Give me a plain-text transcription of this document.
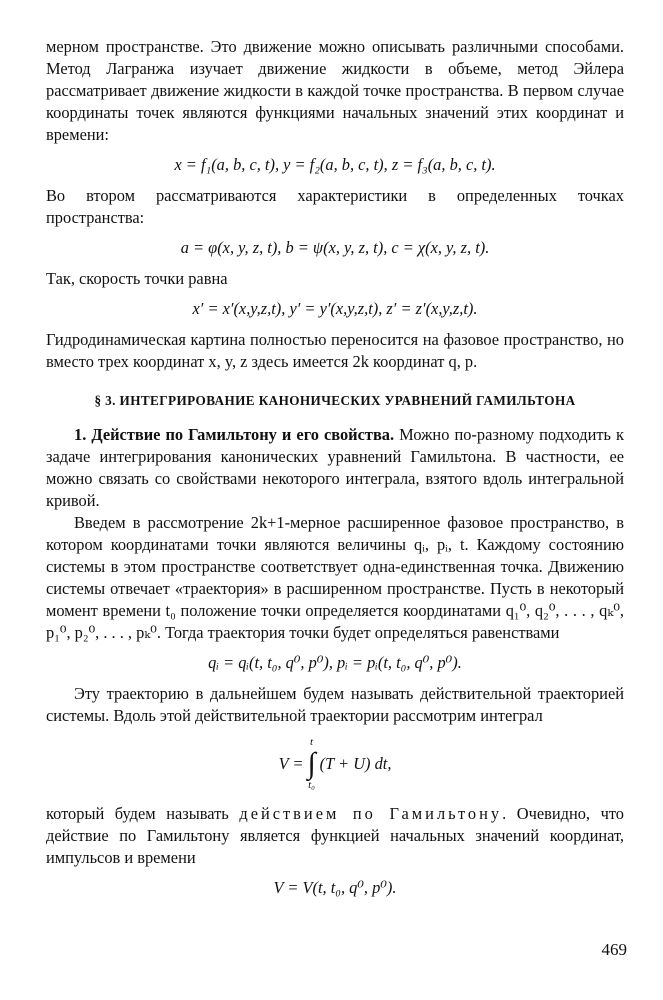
мерном пространстве. Это движение можно описывать различными способами. Метод Лагранжа изучает движение жидкости в объеме, метод Эйлера рассматривает движение жидкости в каждой точке пространства. В первом случае координаты точек являются функциями начальных значений этих координат и времени:

x = f₁(a, b, c, t), y = f₂(a, b, c, t), z = f₃(a, b, c, t).

Во втором рассматриваются характеристики в определенных точках пространства:

a = φ(x, y, z, t), b = ψ(x, y, z, t), c = χ(x, y, z, t).

Так, скорость точки равна

x′ = x′(x,y,z,t), y′ = y′(x,y,z,t), z′ = z′(x,y,z,t).

Гидродинамическая картина полностью переносится на фазовое пространство, но вместо трех координат x, y, z здесь имеется 2k координат q, p.

§ 3. ИНТЕГРИРОВАНИЕ КАНОНИЧЕСКИХ УРАВНЕНИЙ ГАМИЛЬТОНА

1. Действие по Гамильтону и его свойства. Можно по-разному подходить к задаче интегрирования канонических уравнений Гамильтона. В частности, ее можно связать со свойствами некоторого интеграла, взятого вдоль интегральной кривой.

Введем в рассмотрение 2k+1-мерное расширенное фазовое пространство, в котором координатами точки являются величины qᵢ, pᵢ, t. Каждому состоянию системы в этом пространстве соответствует одна-единственная точка. Движению системы отвечает «траектория» в расширенном пространстве. Пусть в некоторый момент времени t₀ положение точки определяется координатами q₁⁰, q₂⁰, . . . , qₖ⁰, p₁⁰, p₂⁰, . . . , pₖ⁰. Тогда траектория точки будет определяться равенствами

qᵢ = qᵢ(t, t₀, q⁰, p⁰), pᵢ = pᵢ(t, t₀, q⁰, p⁰).

Эту траекторию в дальнейшем будем называть действительной траекторией системы. Вдоль этой действительной траектории рассмотрим интеграл

V =
t
∫
t₀
(T + U) dt,

который будем называть действием по Гамильтону. Очевидно, что действие по Гамильтону является функцией начальных значений координат, импульсов и времени

V = V(t, t₀, q⁰, p⁰).
469
